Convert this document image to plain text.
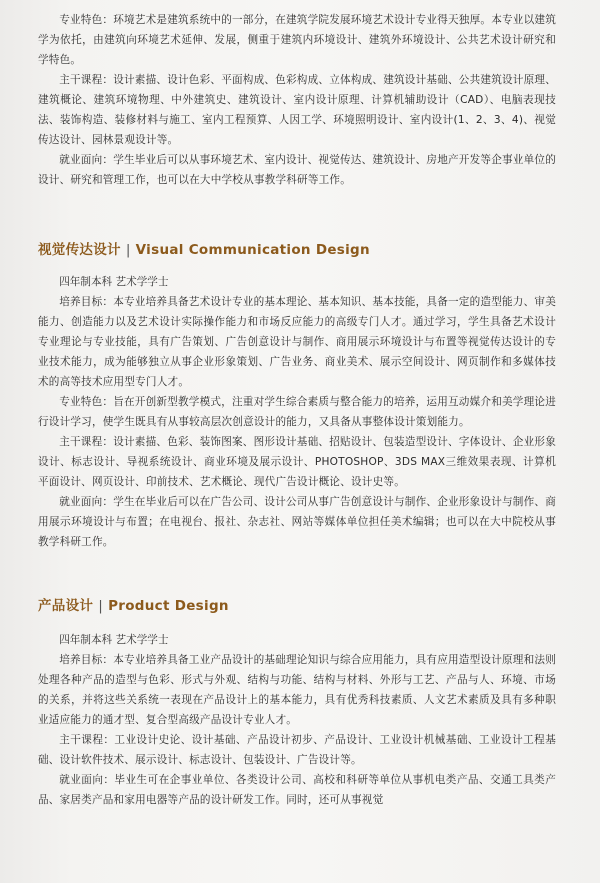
专业特色：环境艺术是建筑系统中的一部分，在建筑学院发展环境艺术设计专业得天独厚。本专业以建筑学为依托，由建筑向环境艺术延伸、发展，侧重于建筑内环境设计、建筑外环境设计、公共艺术设计研究和学特色。

主干课程：设计素描、设计色彩、平面构成、色彩构成、立体构成、建筑设计基础、公共建筑设计原理、建筑概论、建筑环境物理、中外建筑史、建筑设计、室内设计原理、计算机辅助设计（CAD）、电脑表现技法、装饰构造、装修材料与施工、室内工程预算、人因工学、环境照明设计、室内设计(1、2、3、4)、视觉传达设计、园林景观设计等。

就业面向：学生毕业后可以从事环境艺术、室内设计、视觉传达、建筑设计、房地产开发等企事业单位的设计、研究和管理工作，也可以在大中学校从事教学科研等工作。

视觉传达设计 | Visual Communication Design

四年制本科 艺术学学士

培养目标：本专业培养具备艺术设计专业的基本理论、基本知识、基本技能，具备一定的造型能力、审美能力、创造能力以及艺术设计实际操作能力和市场反应能力的高级专门人才。通过学习，学生具备艺术设计专业理论与专业技能，具有广告策划、广告创意设计与制作、商用展示环境设计与布置等视觉传达设计的专业技术能力，成为能够独立从事企业形象策划、广告业务、商业美术、展示空间设计、网页制作和多媒体技术的高等技术应用型专门人才。

专业特色：旨在开创新型教学模式，注重对学生综合素质与整合能力的培养，运用互动媒介和美学理论进行设计学习，使学生既具有从事较高层次创意设计的能力，又具备从事整体设计策划能力。

主干课程：设计素描、色彩、装饰图案、图形设计基础、招贴设计、包装造型设计、字体设计、企业形象设计、标志设计、导视系统设计、商业环境及展示设计、PHOTOSHOP、3DS MAX三维效果表现、计算机平面设计、网页设计、印前技术、艺术概论、现代广告设计概论、设计史等。

就业面向：学生在毕业后可以在广告公司、设计公司从事广告创意设计与制作、企业形象设计与制作、商用展示环境设计与布置；在电视台、报社、杂志社、网站等媒体单位担任美术编辑；也可以在大中院校从事教学科研工作。

产品设计 | Product Design

四年制本科 艺术学学士

培养目标：本专业培养具备工业产品设计的基础理论知识与综合应用能力，具有应用造型设计原理和法则处理各种产品的造型与色彩、形式与外观、结构与功能、结构与材料、外形与工艺、产品与人、环境、市场的关系，并将这些关系统一表现在产品设计上的基本能力，具有优秀科技素质、人文艺术素质及具有多种职业适应能力的通才型、复合型高级产品设计专业人才。

主干课程：工业设计史论、设计基础、产品设计初步、产品设计、工业设计机械基础、工业设计工程基础、设计软件技术、展示设计、标志设计、包装设计、广告设计等。

就业面向：毕业生可在企事业单位、各类设计公司、高校和科研等单位从事机电类产品、交通工具类产品、家居类产品和家用电器等产品的设计研发工作。同时，还可从事视觉
